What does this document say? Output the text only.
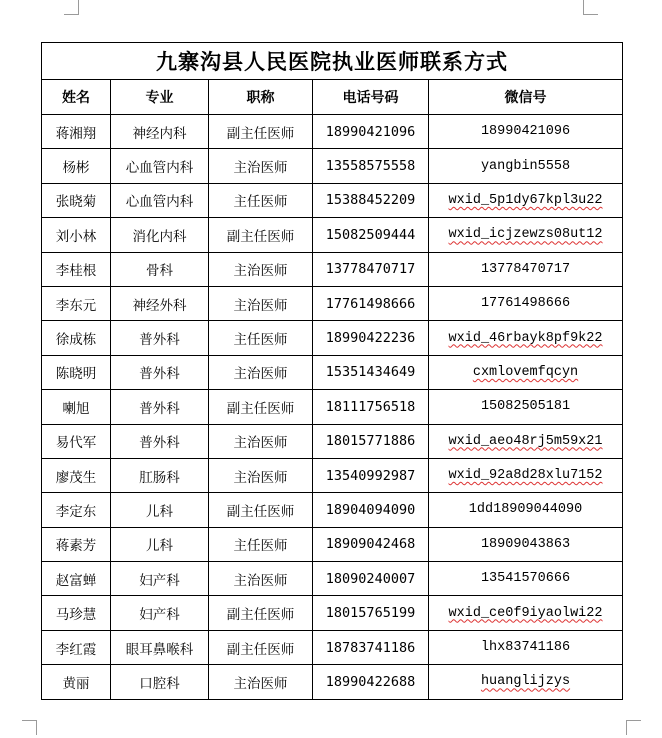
九寨沟县人民医院执业医师联系方式				
姓名	专业	职称	电话号码	微信号
蒋湘翔	神经内科	副主任医师	18990421096	18990421096
杨彬	心血管内科	主治医师	13558575558	yangbin5558
张晓菊	心血管内科	主任医师	15388452209	wxid_5p1dy67kpl3u22
刘小林	消化内科	副主任医师	15082509444	wxid_icjzewzs08ut12
李桂根	骨科	主治医师	13778470717	13778470717
李东元	神经外科	主治医师	17761498666	17761498666
徐成栋	普外科	主任医师	18990422236	wxid_46rbayk8pf9k22
陈晓明	普外科	主治医师	15351434649	cxmlovemfqcyn
喇旭	普外科	副主任医师	18111756518	15082505181
易代军	普外科	主治医师	18015771886	wxid_aeo48rj5m59x21
廖茂生	肛肠科	主治医师	13540992987	wxid_92a8d28xlu7152
李定东	儿科	副主任医师	18904094090	1dd18909044090
蒋素芳	儿科	主任医师	18909042468	18909043863
赵富蝉	妇产科	主治医师	18090240007	13541570666
马珍慧	妇产科	副主任医师	18015765199	wxid_ce0f9iyaolwi22
李红霞	眼耳鼻喉科	副主任医师	18783741186	lhx83741186
黄丽	口腔科	主治医师	18990422688	huanglijzys
